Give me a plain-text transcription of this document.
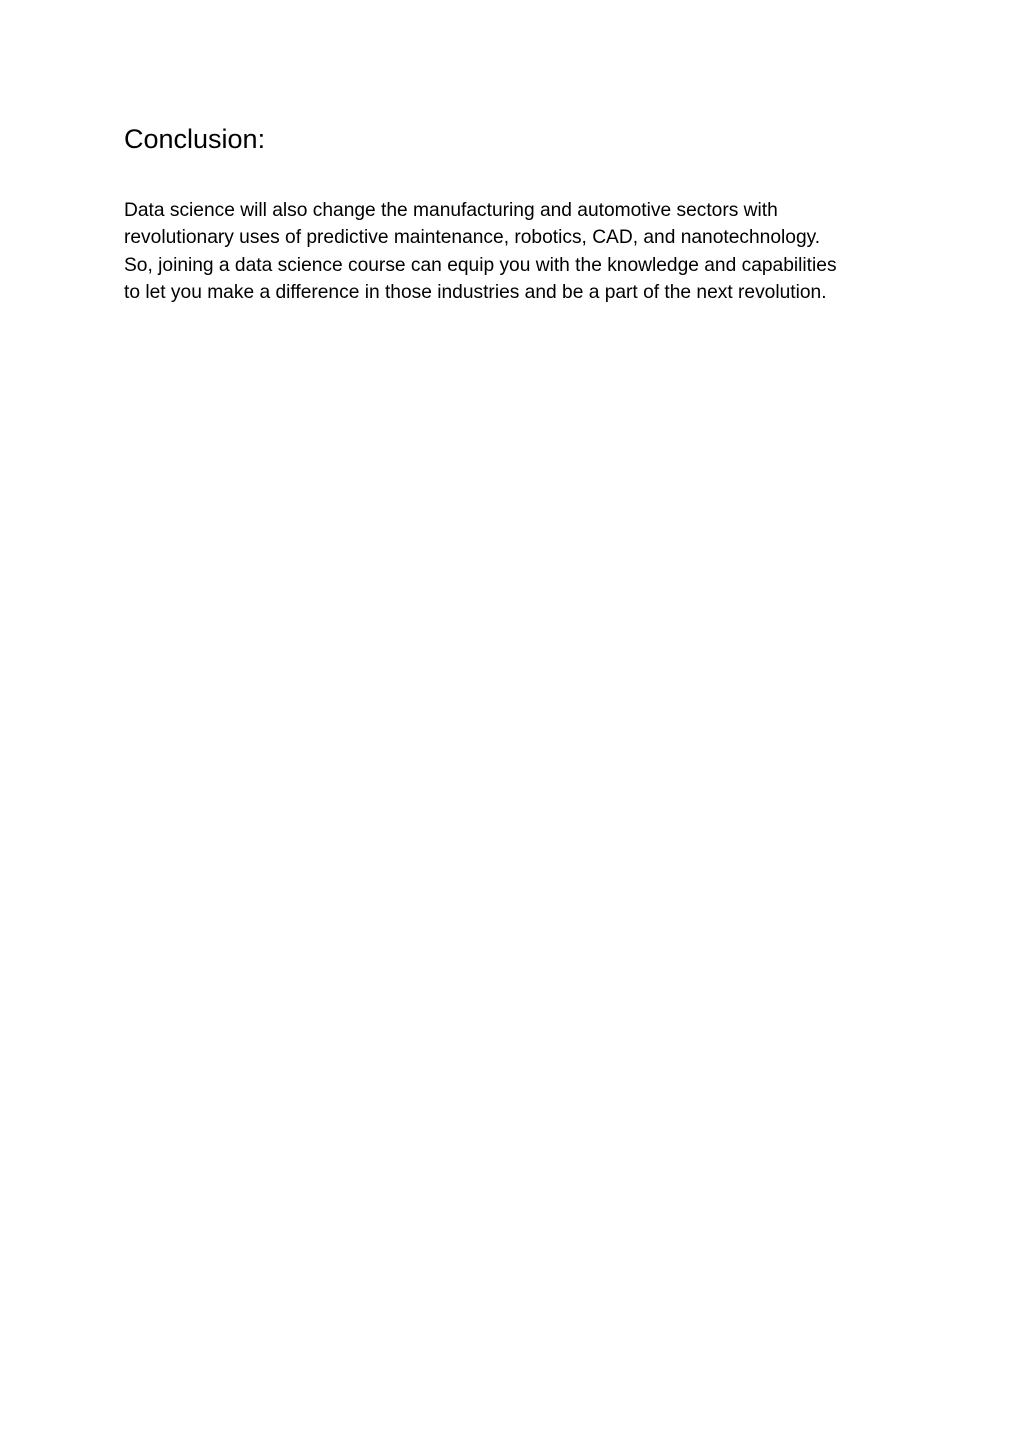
Conclusion:

Data science will also change the manufacturing and automotive sectors with
revolutionary uses of predictive maintenance, robotics, CAD, and nanotechnology.
So, joining a data science course can equip you with the knowledge and capabilities
to let you make a difference in those industries and be a part of the next revolution.
